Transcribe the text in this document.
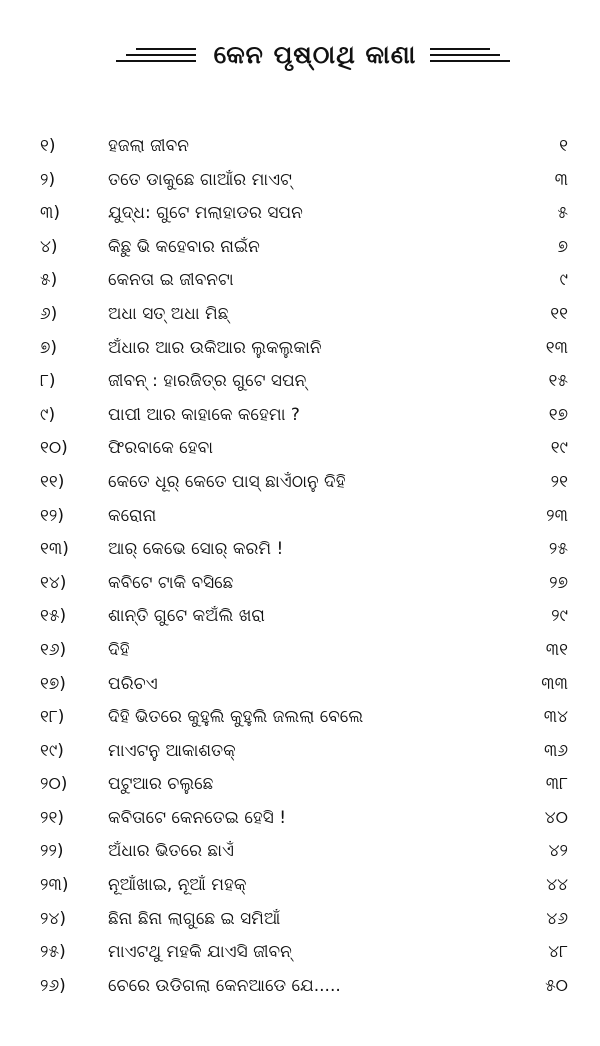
କେନ ପୃଷ୍ଠାଥି କାଣା
୧)	ହଜଲା ଜୀବନ	୧
୨)	ତତେ ଡାକୁଛେ ଗାଆଁର ମାଏଟ୍	୩
୩)	ଯୁଦ୍ଧ: ଗୁଟେ ମଲାହାଡର ସପନ	୫
୪)	କିଛୁ ଭି କହେବାର ନାଇଁନ	୭
୫)	କେନତା ଇ ଜୀବନଟା	୯
୬)	ଅଧା ସତ୍ ଅଧା ମିଛ୍	୧୧
୭)	ଅଁଧାର ଆର ଉକିଆର ଲୁକଲୁକାନି	୧୩
୮)	ଜୀବନ୍ : ହାରଜିତ୍‌ର ଗୁଟେ ସପନ୍	୧୫
୯)	ପାପୀ ଆର କାହାକେ କହେମା ?	୧୭
୧୦)	ଫିରବାକେ ହେବା	୧୯
୧୧)	କେତେ ଧୂର୍ କେତେ ପାସ୍ ଛାଏଁଠାନୁ ଦିହି	୨୧
୧୨)	କରୋନା	୨୩
୧୩)	ଆର୍ କେଭେ ସୋର୍ କରମି !	୨୫
୧୪)	କବିଟେ ଟାକି ବସିଛେ	୨୭
୧୫)	ଶାନ୍ତି ଗୁଟେ କଅଁଲି ଖରା	୨୯
୧୬)	ଦିହି	୩୧
୧୭)	ପରିଚଏ	୩୩
୧୮)	ଦିହି ଭିତରେ କୁହୁଲି କୁହୁଲି ଜଲଲା ବେଲେ	୩୪
୧୯)	ମାଏଟନୁ ଆକାଶତକ୍	୩୬
୨୦)	ପଟୁଆର ଚଲୁଛେ	୩୮
୨୧)	କବିତାଟେ କେନତେଇ ହେସି !	୪୦
୨୨)	ଅଁଧାର ଭିତରେ ଛାଏଁ	୪୨
୨୩)	ନୂଆଁଖାଇ, ନୂଆଁ ମହକ୍	୪୪
୨୪)	ଛିନା ଛିନା ଲାଗୁଛେ ଇ ସମିଆଁ	୪୬
୨୫)	ମାଏଟଥୁ ମହକି ଯାଏସି ଜୀବନ୍	୪୮
୨୬)	ଚେରେ ଉଡିଗଲା କେନଆଡେ ଯେ.....	୫୦
